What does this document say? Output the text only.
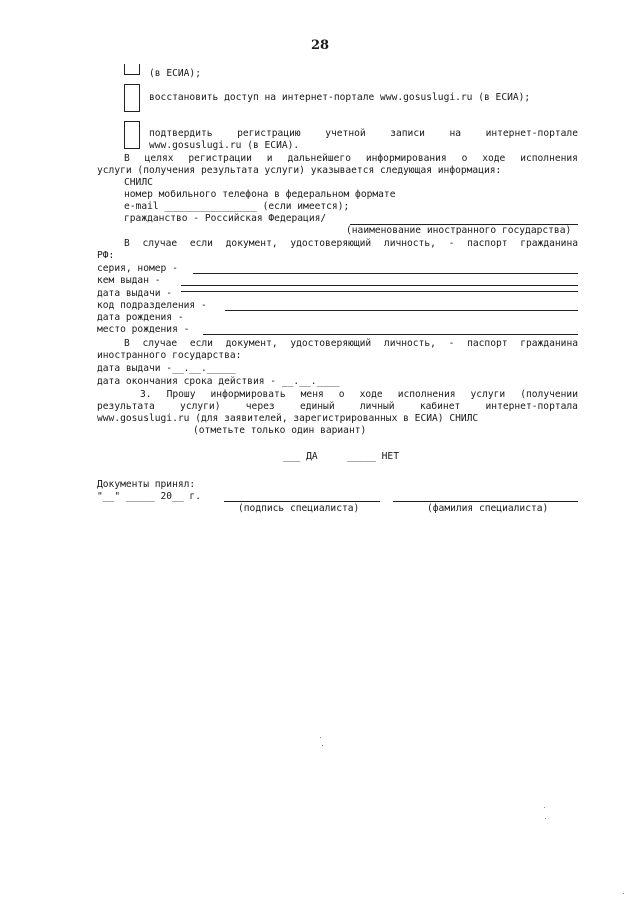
28
(в ЕСИА);
восстановить доступ на интернет-портале www.gosuslugi.ru (в ЕСИА);
подтвердить	регистрацию	учетной	записи	на	интернет-портале
www.gosuslugi.ru (в ЕСИА).
В целях регистрации и дальнейшего информирования о ходе исполнения
услуги (получения результата услуги) указывается следующая информация:
СНИЛС
номер мобильного телефона в федеральном формате
e-mail ________________ (если имеется);
гражданство - Российская Федерация/
(наименование иностранного государства)
В случае если документ, удостоверяющий личность, - паспорт гражданина
РФ:
серия, номер -
кем выдан -
дата выдачи -
код подразделения -
дата рождения -
место рождения -
В случае если документ, удостоверяющий личность, - паспорт гражданина
иностранного государства:
дата выдачи -__.__._____
дата окончания срока действия - __.__.____
3. Прошу информировать меня о ходе исполнения услуги (получении
результата	услуги)	через	единый	личный	кабинет	интернет-портала
www.gosuslugi.ru (для заявителей, зарегистрированных в ЕСИА) СНИЛС
(отметьте только один вариант)
___ ДА	_____ НЕТ
Документы принял:
"__" _____ 20__ г.
(подпись специалиста)	(фамилия специалиста)
